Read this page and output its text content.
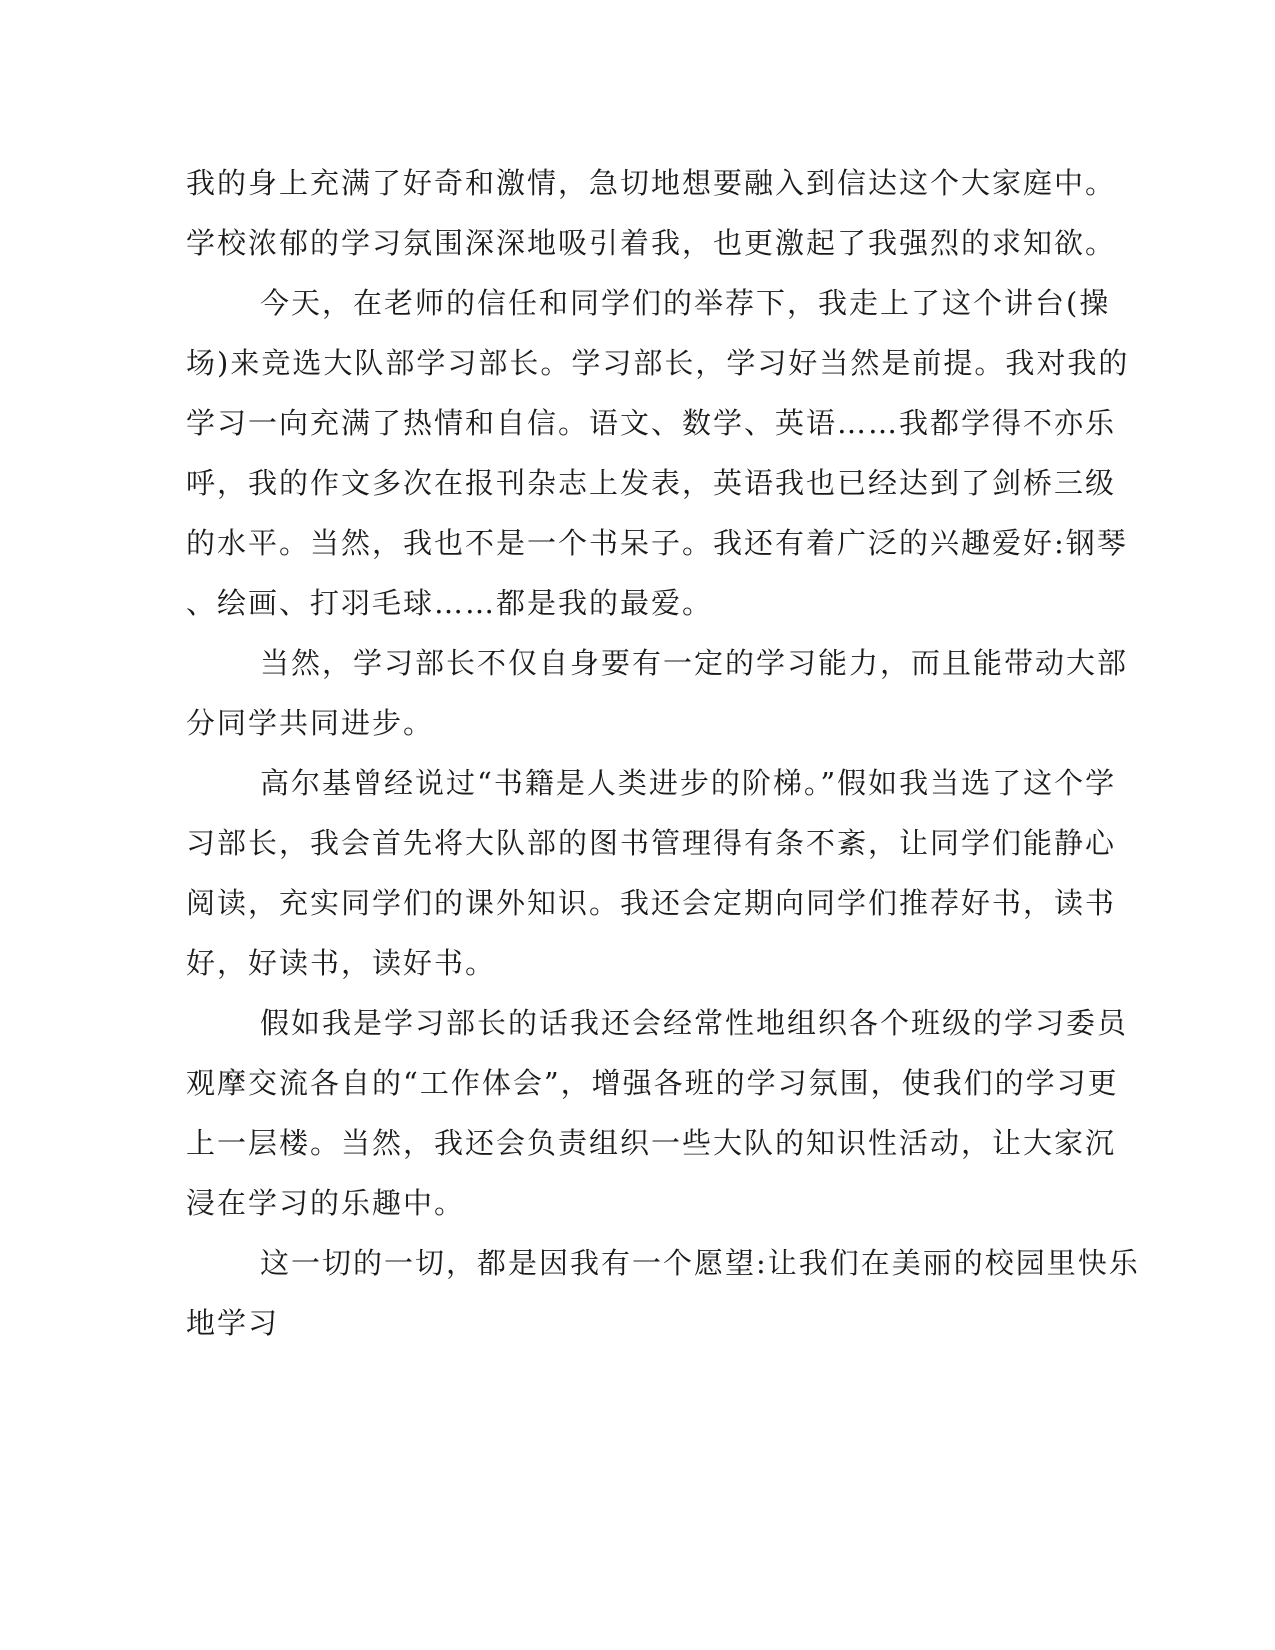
我的身上充满了好奇和激情，急切地想要融入到信达这个大家庭中。
学校浓郁的学习氛围深深地吸引着我，也更激起了我强烈的求知欲。
今天，在老师的信任和同学们的举荐下，我走上了这个讲台(操
场)来竞选大队部学习部长。学习部长，学习好当然是前提。我对我的
学习一向充满了热情和自信。语文、数学、英语……我都学得不亦乐
呼，我的作文多次在报刊杂志上发表，英语我也已经达到了剑桥三级
的水平。当然，我也不是一个书呆子。我还有着广泛的兴趣爱好:钢琴
、绘画、打羽毛球……都是我的最爱。
当然，学习部长不仅自身要有一定的学习能力，而且能带动大部
分同学共同进步。
高尔基曾经说过“书籍是人类进步的阶梯。”假如我当选了这个学
习部长，我会首先将大队部的图书管理得有条不紊，让同学们能静心
阅读，充实同学们的课外知识。我还会定期向同学们推荐好书，读书
好，好读书，读好书。
假如我是学习部长的话我还会经常性地组织各个班级的学习委员
观摩交流各自的“工作体会”，增强各班的学习氛围，使我们的学习更
上一层楼。当然，我还会负责组织一些大队的知识性活动，让大家沉
浸在学习的乐趣中。
这一切的一切，都是因我有一个愿望:让我们在美丽的校园里快乐
地学习
